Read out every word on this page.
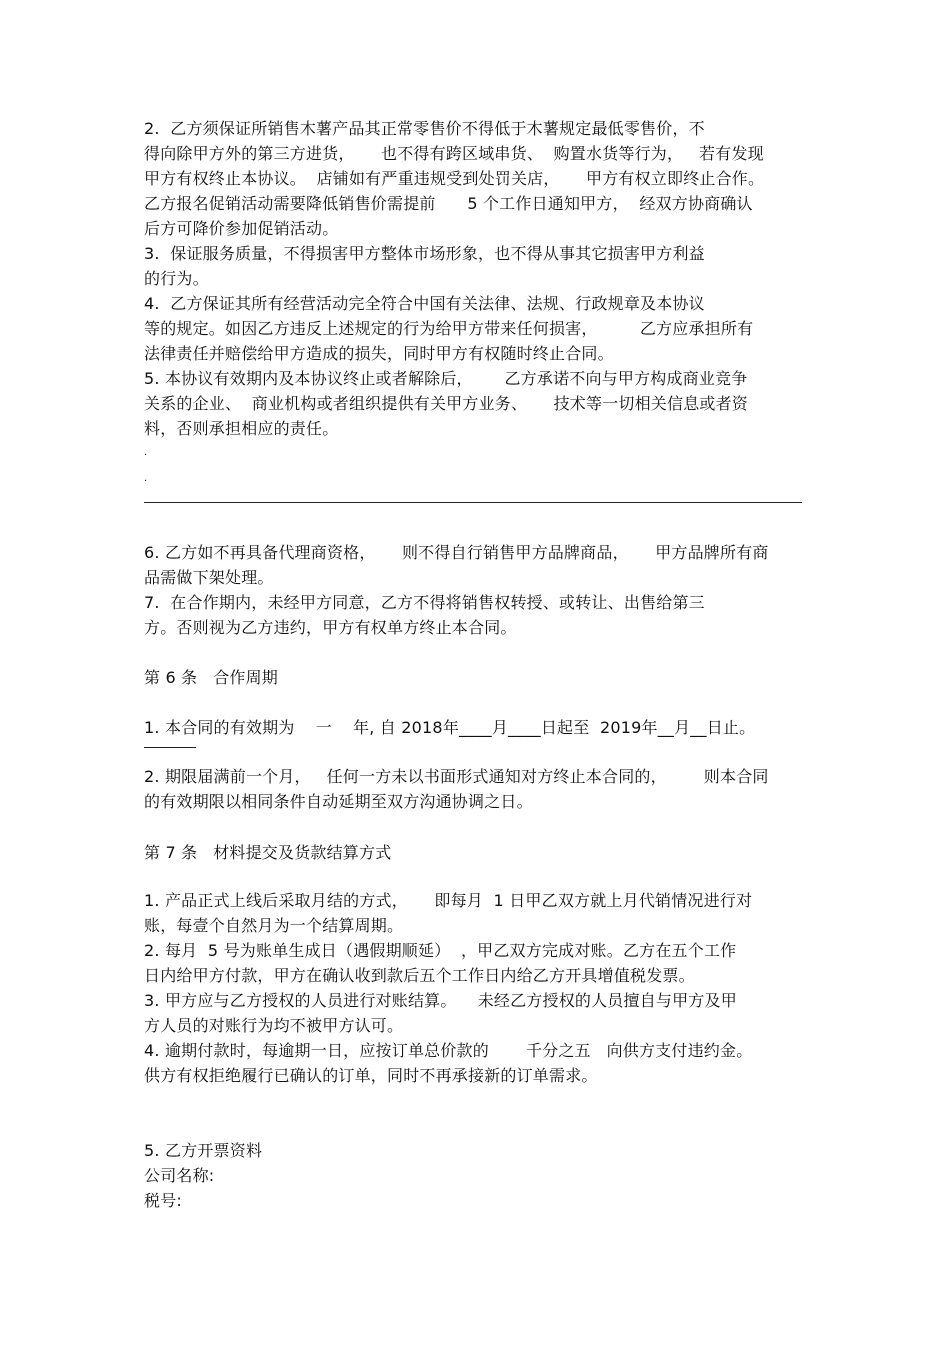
2.  乙方须保证所销售木薯产品其正常零售价不得低于木薯规定最低零售价，不
得向除甲方外的第三方进货，     也不得有跨区域串货、  购置水货等行为，   若有发现
甲方有权终止本协议。  店铺如有严重违规受到处罚关店，     甲方有权立即终止合作。
乙方报名促销活动需要降低销售价需提前      5 个工作日通知甲方，  经双方协商确认
后方可降价参加促销活动。
3.  保证服务质量，不得损害甲方整体市场形象，也不得从事其它损害甲方利益
的行为。
4.  乙方保证其所有经营活动完全符合中国有关法律、法规、行政规章及本协议
等的规定。如因乙方违反上述规定的行为给甲方带来任何损害，        乙方应承担所有
法律责任并赔偿给甲方造成的损失，同时甲方有权随时终止合同。
5. 本协议有效期内及本协议终止或者解除后，      乙方承诺不向与甲方构成商业竞争
关系的企业、  商业机构或者组织提供有关甲方业务、     技术等一切相关信息或者资
料，否则承担相应的责任。
.
.
6. 乙方如不再具备代理商资格，     则不得自行销售甲方品牌商品，     甲方品牌所有商
品需做下架处理。
7.  在合作期内，未经甲方同意，乙方不得将销售权转授、或转让、出售给第三
方。否则视为乙方违约，甲方有权单方终止本合同。
第 6 条   合作周期
1. 本合同的有效期为    一    年, 自 2018年____月____日起至  2019年__月__日止。
2. 期限届满前一个月，   任何一方未以书面形式通知对方终止本合同的，       则本合同
的有效期限以相同条件自动延期至双方沟通协调之日。
第 7 条   材料提交及货款结算方式
1. 产品正式上线后采取月结的方式，     即每月  1 日甲乙双方就上月代销情况进行对
账，每壹个自然月为一个结算周期。
2. 每月  5 号为账单生成日（遇假期顺延）  ，甲乙双方完成对账。乙方在五个工作
日内给甲方付款，甲方在确认收到款后五个工作日内给乙方开具增值税发票。
3. 甲方应与乙方授权的人员进行对账结算。    未经乙方授权的人员擅自与甲方及甲
方人员的对账行为均不被甲方认可。
4. 逾期付款时，每逾期一日，应按订单总价款的       千分之五   向供方支付违约金。
供方有权拒绝履行已确认的订单，同时不再承接新的订单需求。
5. 乙方开票资料
公司名称:
税号:
